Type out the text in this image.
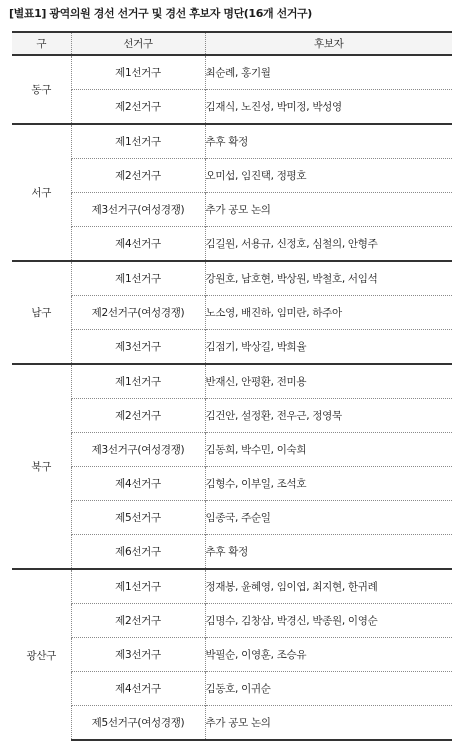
[별표1] 광역의원 경선 선거구 및 경선 후보자 명단(16개 선거구)
구	선거구	후보자
동구	제1선거구	최순례, 홍기월
	제2선거구	김재식, 노진성, 박미정, 박성영
서구	제1선거구	추후 확정
	제2선거구	오미섭, 임진택, 정평호
	제3선거구(여성경쟁)	추가 공모 논의
	제4선거구	김길원, 서용규, 신정호, 심철의, 안형주
남구	제1선거구	강원호, 남호현, 박상원, 박철호, 서임석
	제2선거구(여성경쟁)	노소영, 배진하, 임미란, 하주아
	제3선거구	김점기, 박상길, 박희율
북구	제1선거구	반재신, 안평환, 전미용
	제2선거구	김건안, 설정환, 전우근, 정영묵
	제3선거구(여성경쟁)	김동희, 박수민, 이숙희
	제4선거구	김형수, 이부일, 조석호
	제5선거구	임종국, 주순일
	제6선거구	추후 확정
광산구	제1선거구	정재봉, 윤혜영, 임이엽, 최지현, 한귀례
	제2선거구	김명수, 김창삼, 박경신, 박종원, 이영순
	제3선거구	박필순, 이영훈, 조승유
	제4선거구	김동호, 이귀순
	제5선거구(여성경쟁)	추가 공모 논의
